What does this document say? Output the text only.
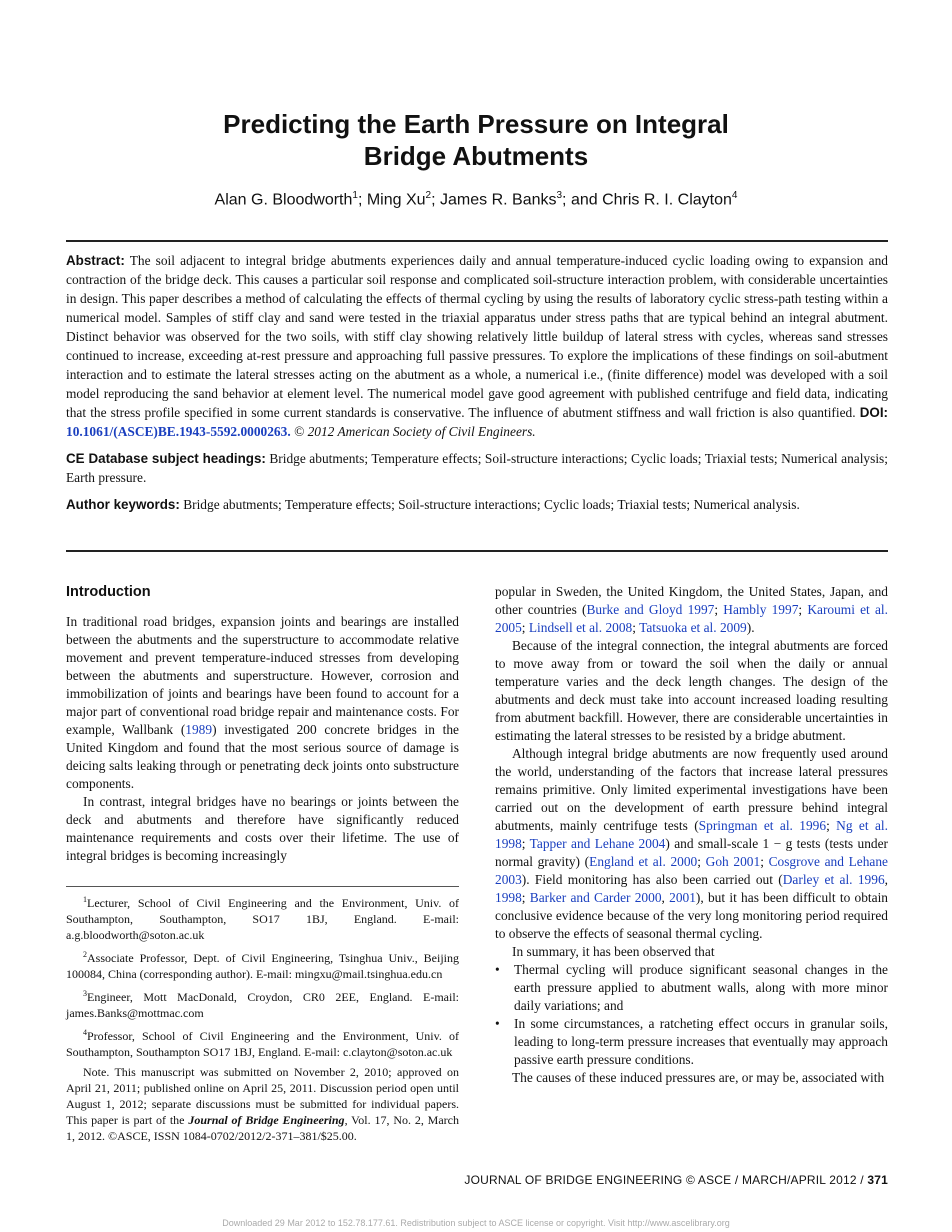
Predicting the Earth Pressure on Integral
Bridge Abutments
Alan G. Bloodworth$^1$; Ming Xu$^2$; James R. Banks$^3$; and Chris R. I. Clayton$^4$

Abstract: The soil adjacent to integral bridge abutments experiences daily and annual temperature-induced cyclic loading owing to expansion and contraction of the bridge deck. This causes a particular soil response and complicated soil-structure interaction problem, with considerable uncertainties in design. This paper describes a method of calculating the effects of thermal cycling by using the results of laboratory cyclic stress-path testing within a numerical model. Samples of stiff clay and sand were tested in the triaxial apparatus under stress paths that are typical behind an integral abutment. Distinct behavior was observed for the two soils, with stiff clay showing relatively little buildup of lateral stress with cycles, whereas sand stresses continued to increase, exceeding at-rest pressure and approaching full passive pressures. To explore the implications of these findings on soil-abutment interaction and to estimate the lateral stresses acting on the abutment as a whole, a numerical i.e., (finite difference) model was developed with a soil model reproducing the sand behavior at element level. The numerical model gave good agreement with published centrifuge and field data, indicating that the stress profile specified in some current standards is conservative. The influence of abutment stiffness and wall friction is also quantified. DOI: 10.1061/(ASCE)BE.1943-5592.0000263. © 2012 American Society of Civil Engineers.

CE Database subject headings: Bridge abutments; Temperature effects; Soil-structure interactions; Cyclic loads; Triaxial tests; Numerical analysis; Earth pressure.

Author keywords: Bridge abutments; Temperature effects; Soil-structure interactions; Cyclic loads; Triaxial tests; Numerical analysis.

Introduction

In traditional road bridges, expansion joints and bearings are installed between the abutments and the superstructure to accommodate relative movement and prevent temperature-induced stresses from developing between the abutments and superstructure. However, corrosion and immobilization of joints and bearings have been found to account for a major part of conventional road bridge repair and maintenance costs. For example, Wallbank (1989) investigated 200 concrete bridges in the United Kingdom and found that the most serious source of damage is deicing salts leaking through or penetrating deck joints onto substructure components.

In contrast, integral bridges have no bearings or joints between the deck and abutments and therefore have significantly reduced maintenance requirements and costs over their lifetime. The use of integral bridges is becoming increasingly

$^1$Lecturer, School of Civil Engineering and the Environment, Univ. of Southampton, Southampton, SO17 1BJ, England. E-mail: a.g.bloodworth@soton.ac.uk

$^2$Associate Professor, Dept. of Civil Engineering, Tsinghua Univ., Beijing 100084, China (corresponding author). E-mail: mingxu@mail.tsinghua.edu.cn

$^3$Engineer, Mott MacDonald, Croydon, CR0 2EE, England. E-mail: james.Banks@mottmac.com

$^4$Professor, School of Civil Engineering and the Environment, Univ. of Southampton, Southampton SO17 1BJ, England. E-mail: c.clayton@soton.ac.uk

Note. This manuscript was submitted on November 2, 2010; approved on April 21, 2011; published online on April 25, 2011. Discussion period open until August 1, 2012; separate discussions must be submitted for individual papers. This paper is part of the Journal of Bridge Engineering, Vol. 17, No. 2, March 1, 2012. ©ASCE, ISSN 1084-0702/2012/2-371–381/$25.00.

popular in Sweden, the United Kingdom, the United States, Japan, and other countries (Burke and Gloyd 1997; Hambly 1997; Karoumi et al. 2005; Lindsell et al. 2008; Tatsuoka et al. 2009).

Because of the integral connection, the integral abutments are forced to move away from or toward the soil when the daily or annual temperature varies and the deck length changes. The design of the abutments and deck must take into account increased loading resulting from abutment backfill. However, there are considerable uncertainties in estimating the lateral stresses to be resisted by a bridge abutment.

Although integral bridge abutments are now frequently used around the world, understanding of the factors that increase lateral pressures remains primitive. Only limited experimental investigations have been carried out on the development of earth pressure behind integral abutments, mainly centrifuge tests (Springman et al. 1996; Ng et al. 1998; Tapper and Lehane 2004) and small-scale 1 − g tests (tests under normal gravity) (England et al. 2000; Goh 2001; Cosgrove and Lehane 2003). Field monitoring has also been carried out (Darley et al. 1996, 1998; Barker and Carder 2000, 2001), but it has been difficult to obtain conclusive evidence because of the very long monitoring period required to observe the effects of seasonal thermal cycling.

In summary, it has been observed that

• Thermal cycling will produce significant seasonal changes in the earth pressure applied to abutment walls, along with more minor daily variations; and
• In some circumstances, a ratcheting effect occurs in granular soils, leading to long-term pressure increases that eventually may approach passive earth pressure conditions.

The causes of these induced pressures are, or may be, associated with

JOURNAL OF BRIDGE ENGINEERING © ASCE / MARCH/APRIL 2012 / 371
Downloaded 29 Mar 2012 to 152.78.177.61. Redistribution subject to ASCE license or copyright. Visit http://www.ascelibrary.org
